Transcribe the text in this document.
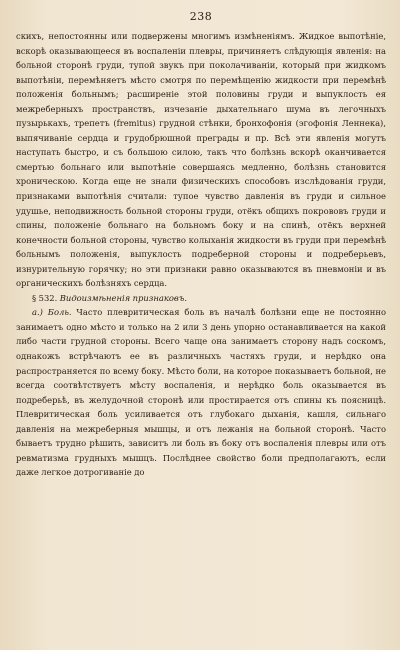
238

скихъ, непостоянны или подвержены многимъ измѣненіямъ. Жидкое выпотѣніе, вскорѣ оказывающееся въ воспаленіи плевры, причиняетъ слѣдующія явленія: на больной сторонѣ груди, тупой звукъ при поколачиваніи, который при жидкомъ выпотѣніи, перемѣняетъ мѣсто смотря по перемѣщенію жидкости при перемѣнѣ положенія больнымъ; расширеніе этой половины груди и выпуклость ея межреберныхъ пространствъ, изчезаніе дыхательнаго шума въ легочныхъ пузырькахъ, трепетъ (fremitus) грудной стѣнки, бронхофонія (эгофонія Леннека), выпячиваніе сердца и грудобрюшной преграды и пр. Всѣ эти явленія могутъ наступать быстро, и съ большою силою, такъ что болѣзнь вскорѣ оканчивается смертью больнаго или выпотѣніе совершаясь медленно, болѣзнь становится хроническою. Когда еще не знали физическихъ способовъ изслѣдованія груди, признаками выпотѣнія считали: тупое чувство давленія въ груди и сильное удушье, неподвижность больной стороны груди, отёкъ общихъ покрововъ груди и спины, положеніе больнаго на больномъ боку и на спинѣ, отёкъ верхней конечности больной стороны, чувство колыханія жидкости въ груди при перемѣнѣ больнымъ положенія, выпуклость подреберной стороны и подреберьевъ, изнурительную горячку; но эти признаки равно оказываются въ пневмоніи и въ органическихъ болѣзняхъ сердца.

§ 532. Видоизмѣненія признаковъ.

а.) Боль. Часто плевритическая боль въ началѣ болѣзни еще не постоянно занимаетъ одно мѣсто и только на 2 или 3 день упорно останавливается на какой либо части грудной стороны. Всего чаще она занимаетъ сторону надъ соскомъ, однакожъ встрѣчаютъ ее въ различныхъ частяхъ груди, и нерѣдко она распространяется по всему боку. Мѣсто боли, на которое показываетъ больной, не всегда соотвѣтствуетъ мѣсту воспаленія, и нерѣдко боль оказывается въ подреберьѣ, въ желудочной сторонѣ или простирается отъ спины къ поясницѣ. Плевритическая боль усиливается отъ глубокаго дыханія, кашля, сильнаго давленія на межреберныя мышцы, и отъ лежанія на больной сторонѣ. Часто бываетъ трудно рѣшить, зависитъ ли боль въ боку отъ воспаленія плевры или отъ ревматизма грудныхъ мышцъ. Послѣднее свойство боли предполагаютъ, если даже легкое дотрогиваніе до
